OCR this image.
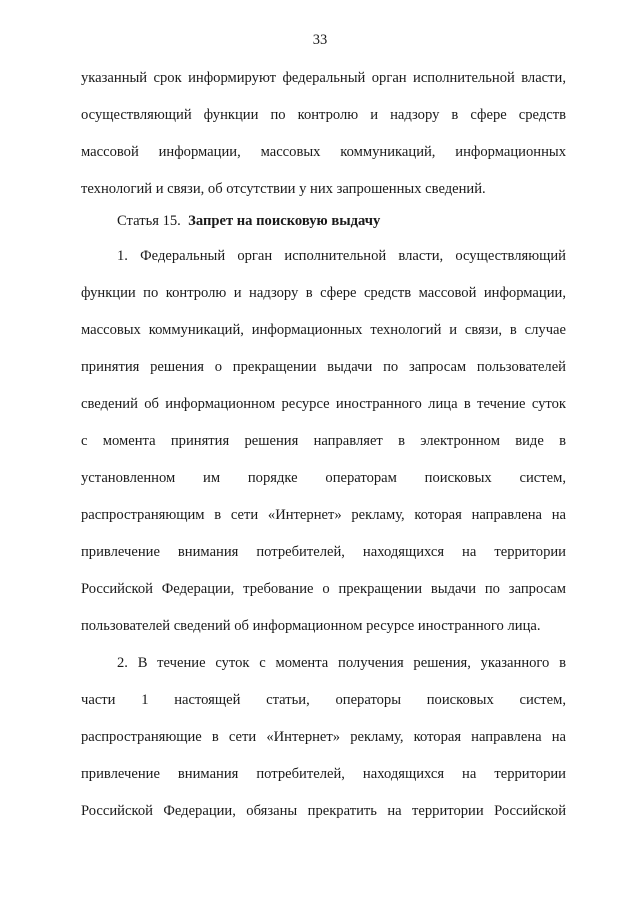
33
указанный срок информируют федеральный орган исполнительной власти,
осуществляющий функции по контролю и надзору в сфере средств
массовой информации, массовых коммуникаций, информационных
технологий и связи, об отсутствии у них запрошенных сведений.
Статья 15. Запрет на поисковую выдачу
1. Федеральный орган исполнительной власти, осуществляющий
функции по контролю и надзору в сфере средств массовой информации,
массовых коммуникаций, информационных технологий и связи, в случае
принятия решения о прекращении выдачи по запросам пользователей
сведений об информационном ресурсе иностранного лица в течение суток
с момента принятия решения направляет в электронном виде в
установленном им порядке операторам поисковых систем,
распространяющим в сети «Интернет» рекламу, которая направлена на
привлечение внимания потребителей, находящихся на территории
Российской Федерации, требование о прекращении выдачи по запросам
пользователей сведений об информационном ресурсе иностранного лица.
2. В течение суток с момента получения решения, указанного в
части 1 настоящей статьи, операторы поисковых систем,
распространяющие в сети «Интернет» рекламу, которая направлена на
привлечение внимания потребителей, находящихся на территории
Российской Федерации, обязаны прекратить на территории Российской
